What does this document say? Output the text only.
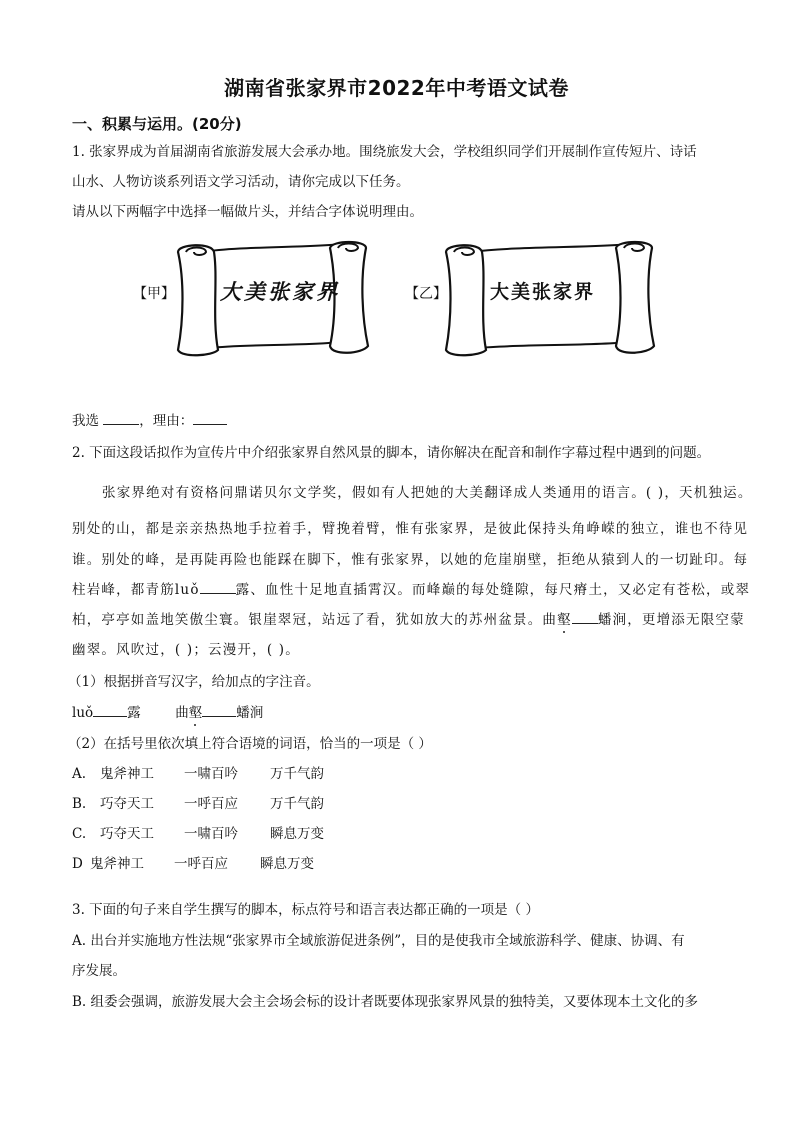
湖南省张家界市2022年中考语文试卷
一、积累与运用。(20分)
1. 张家界成为首届湖南省旅游发展大会承办地。围绕旅发大会，学校组织同学们开展制作宣传短片、诗话
山水、人物访谈系列语文学习活动，请你完成以下任务。
请从以下两幅字中选择一幅做片头，并结合字体说明理由。
【甲】 大美张家界	【乙】 大美张家界
我选	，理由：
2. 下面这段话拟作为宣传片中介绍张家界自然风景的脚本，请你解决在配音和制作字幕过程中遇到的问题。
张家界绝对有资格问鼎诺贝尔文学奖，假如有人把她的大美翻译成人类通用的语言。( )，天机独运。
别处的山，都是亲亲热热地手拉着手，臂挽着臂，惟有张家界，是彼此保持头角峥嵘的独立，谁也不待见
谁。别处的峰，是再陡再险也能踩在脚下，惟有张家界，以她的危崖崩壁，拒绝从猿到人的一切趾印。每
柱岩峰，都青筋luǒ	露、血性十足地直插霄汉。而峰巅的每处缝隙，每尺瘠土，又必定有苍松，或翠
柏，亭亭如盖地笑傲尘寰。银崖翠冠，站远了看，犹如放大的苏州盆景。曲壑 蟠涧，更增添无限空蒙
幽翠。风吹过，( )；云漫开，( )。
（1）根据拼音写汉字，给加点的字注音。
luǒ	露	曲壑	蟠涧
（2）在括号里依次填上符合语境的词语，恰当的一项是（ ）
A. 鬼斧神工 一啸百吟 万千气韵
B. 巧夺天工 一呼百应 万千气韵
C. 巧夺天工 一啸百吟 瞬息万变
D 鬼斧神工 一呼百应 瞬息万变
3. 下面的句子来自学生撰写的脚本，标点符号和语言表达都正确的一项是（ ）
A. 出台并实施地方性法规“张家界市全域旅游促进条例”，目的是使我市全域旅游科学、健康、协调、有
序发展。
B. 组委会强调，旅游发展大会主会场会标的设计者既要体现张家界风景的独特美，又要体现本土文化的多
